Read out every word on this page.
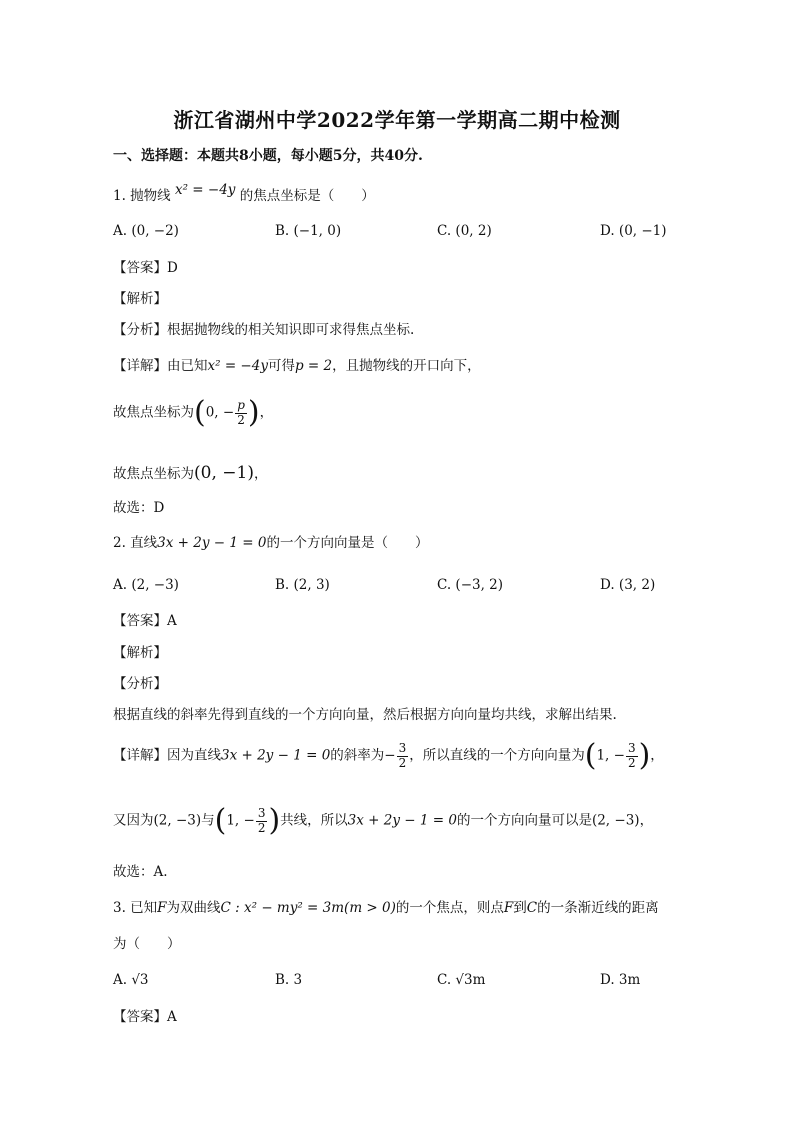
浙江省湖州中学2022学年第一学期高二期中检测
一、选择题：本题共8小题，每小题5分，共40分.
1. 抛物线 x² = −4y 的焦点坐标是（　　）
A. (0, −2)	B. (−1, 0)	C. (0, 2)	D. (0, −1)
【答案】D
【解析】
【分析】根据抛物线的相关知识即可求得焦点坐标.
【详解】由已知x² = −4y可得p = 2，且抛物线的开口向下，
故焦点坐标为(0, − $\frac{p}{2}$ )，
故焦点坐标为(0, −1)，
故选：D
2. 直线3x + 2y − 1 = 0的一个方向向量是（　　）
A. (2, −3)	B. (2, 3)	C. (−3, 2)	D. (3, 2)
【答案】A
【解析】
【分析】
根据直线的斜率先得到直线的一个方向向量，然后根据方向向量均共线，求解出结果.
【详解】因为直线3x + 2y − 1 = 0的斜率为− $\frac{3}{2}$ ，所以直线的一个方向向量为(1, − $\frac{3}{2}$ )，
又因为(2, −3)与(1, − $\frac{3}{2}$ )共线，所以3x + 2y − 1 = 0的一个方向向量可以是(2, −3)，
故选：A.
3. 已知F为双曲线C : x² − my² = 3m(m > 0)的一个焦点，则点F到C的一条渐近线的距离
为（　　）
A. √3	B. 3	C. √3m	D. 3m
【答案】A
